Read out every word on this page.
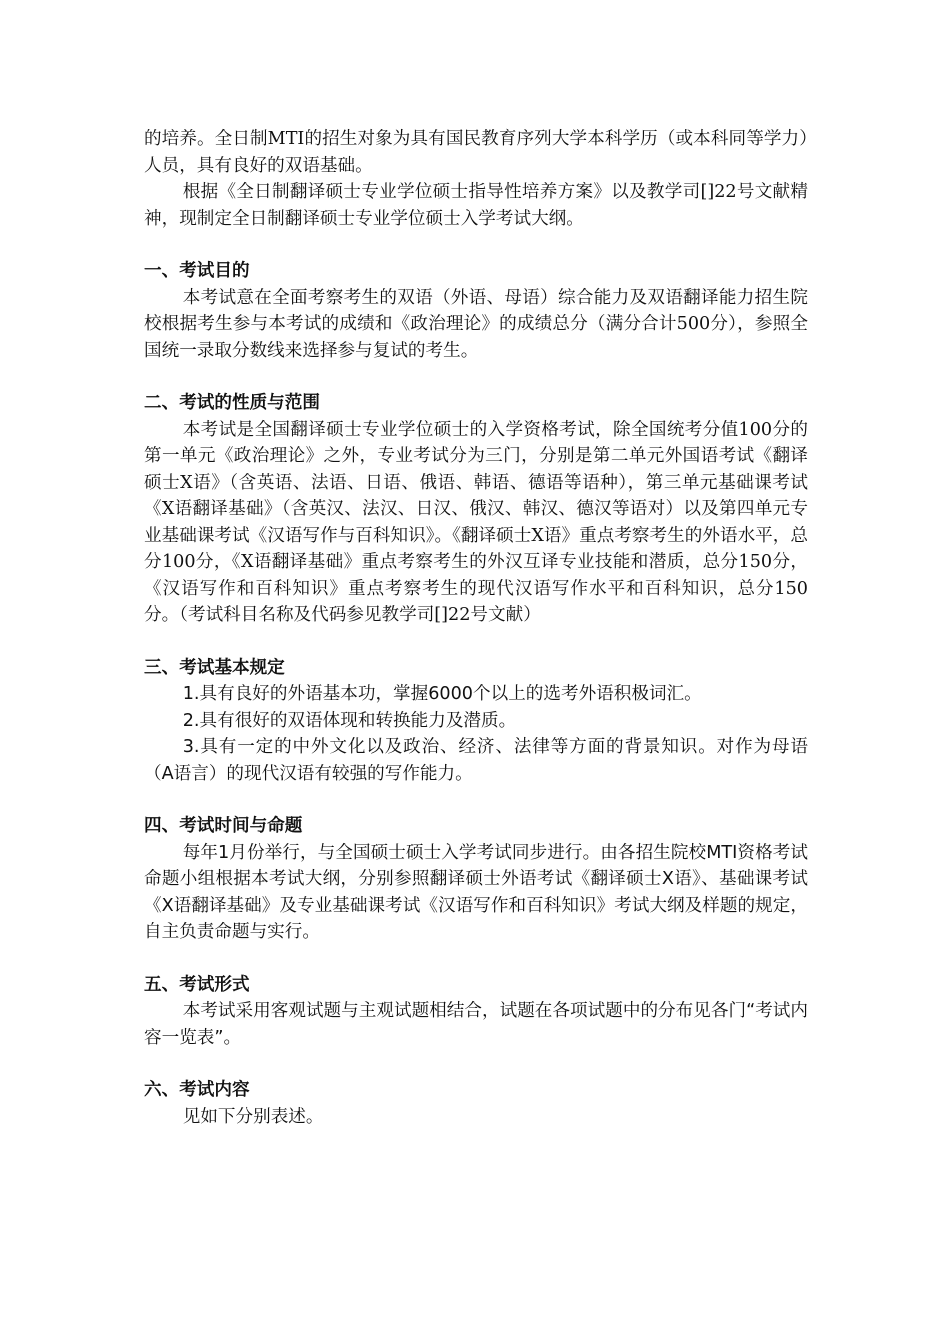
的培养。全日制MTI的招生对象为具有国民教育序列大学本科学历（或本科同等学力）人员，具有良好的双语基础。

根据《全日制翻译硕士专业学位硕士指导性培养方案》以及教学司[]22号文献精神，现制定全日制翻译硕士专业学位硕士入学考试大纲。

一、考试目的

本考试意在全面考察考生的双语（外语、母语）综合能力及双语翻译能力招生院校根据考生参与本考试的成绩和《政治理论》的成绩总分（满分合计500分），参照全国统一录取分数线来选择参与复试的考生。

二、考试的性质与范围

本考试是全国翻译硕士专业学位硕士的入学资格考试，除全国统考分值100分的第一单元《政治理论》之外，专业考试分为三门，分别是第二单元外国语考试《翻译硕士X语》（含英语、法语、日语、俄语、韩语、德语等语种），第三单元基础课考试《X语翻译基础》（含英汉、法汉、日汉、俄汉、韩汉、德汉等语对）以及第四单元专业基础课考试《汉语写作与百科知识》。《翻译硕士X语》重点考察考生的外语水平，总分100分，《X语翻译基础》重点考察考生的外汉互译专业技能和潜质，总分150分，《汉语写作和百科知识》重点考察考生的现代汉语写作水平和百科知识，总分150分。（考试科目名称及代码参见教学司[]22号文献）

三、考试基本规定

1.具有良好的外语基本功，掌握6000个以上的选考外语积极词汇。

2.具有很好的双语体现和转换能力及潜质。

3.具有一定的中外文化以及政治、经济、法律等方面的背景知识。对作为母语（A语言）的现代汉语有较强的写作能力。

四、考试时间与命题

每年1月份举行，与全国硕士硕士入学考试同步进行。由各招生院校MTI资格考试命题小组根据本考试大纲，分别参照翻译硕士外语考试《翻译硕士X语》、基础课考试《X语翻译基础》及专业基础课考试《汉语写作和百科知识》考试大纲及样题的规定，自主负责命题与实行。

五、考试形式

本考试采用客观试题与主观试题相结合，试题在各项试题中的分布见各门“考试内容一览表”。

六、考试内容

见如下分别表述。
